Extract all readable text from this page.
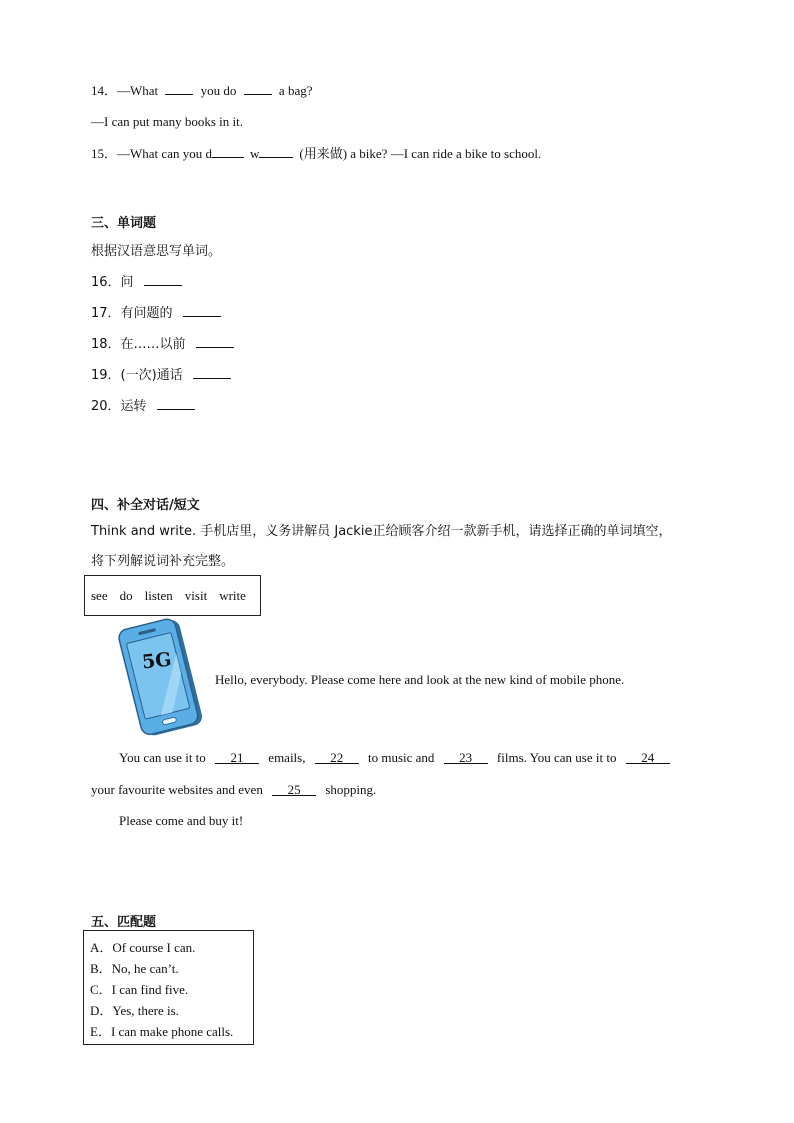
14．—What	you do	a bag?
—I can put many books in it.
15．—What can you d	w	(用来做) a bike? —I can ride a bike to school.
三、单词题
根据汉语意思写单词。
16．问
17．有问题的
18．在……以前
19．(一次)通话
20．运转
四、补全对话/短文
Think and write. 手机店里，义务讲解员 Jackie正给顾客介绍一款新手机，请选择正确的单词填空，
将下列解说词补充完整。
see do listen visit write
5G
Hello, everybody. Please come here and look at the new kind of mobile phone.
You can use it to 21 emails, 22 to music and 23 films. You can use it to 24
your favourite websites and even 25 shopping.
Please come and buy it!
五、匹配题
A．Of course I can.
B．No, he can’t.
C．I can find five.
D．Yes, there is.
E．I can make phone calls.
